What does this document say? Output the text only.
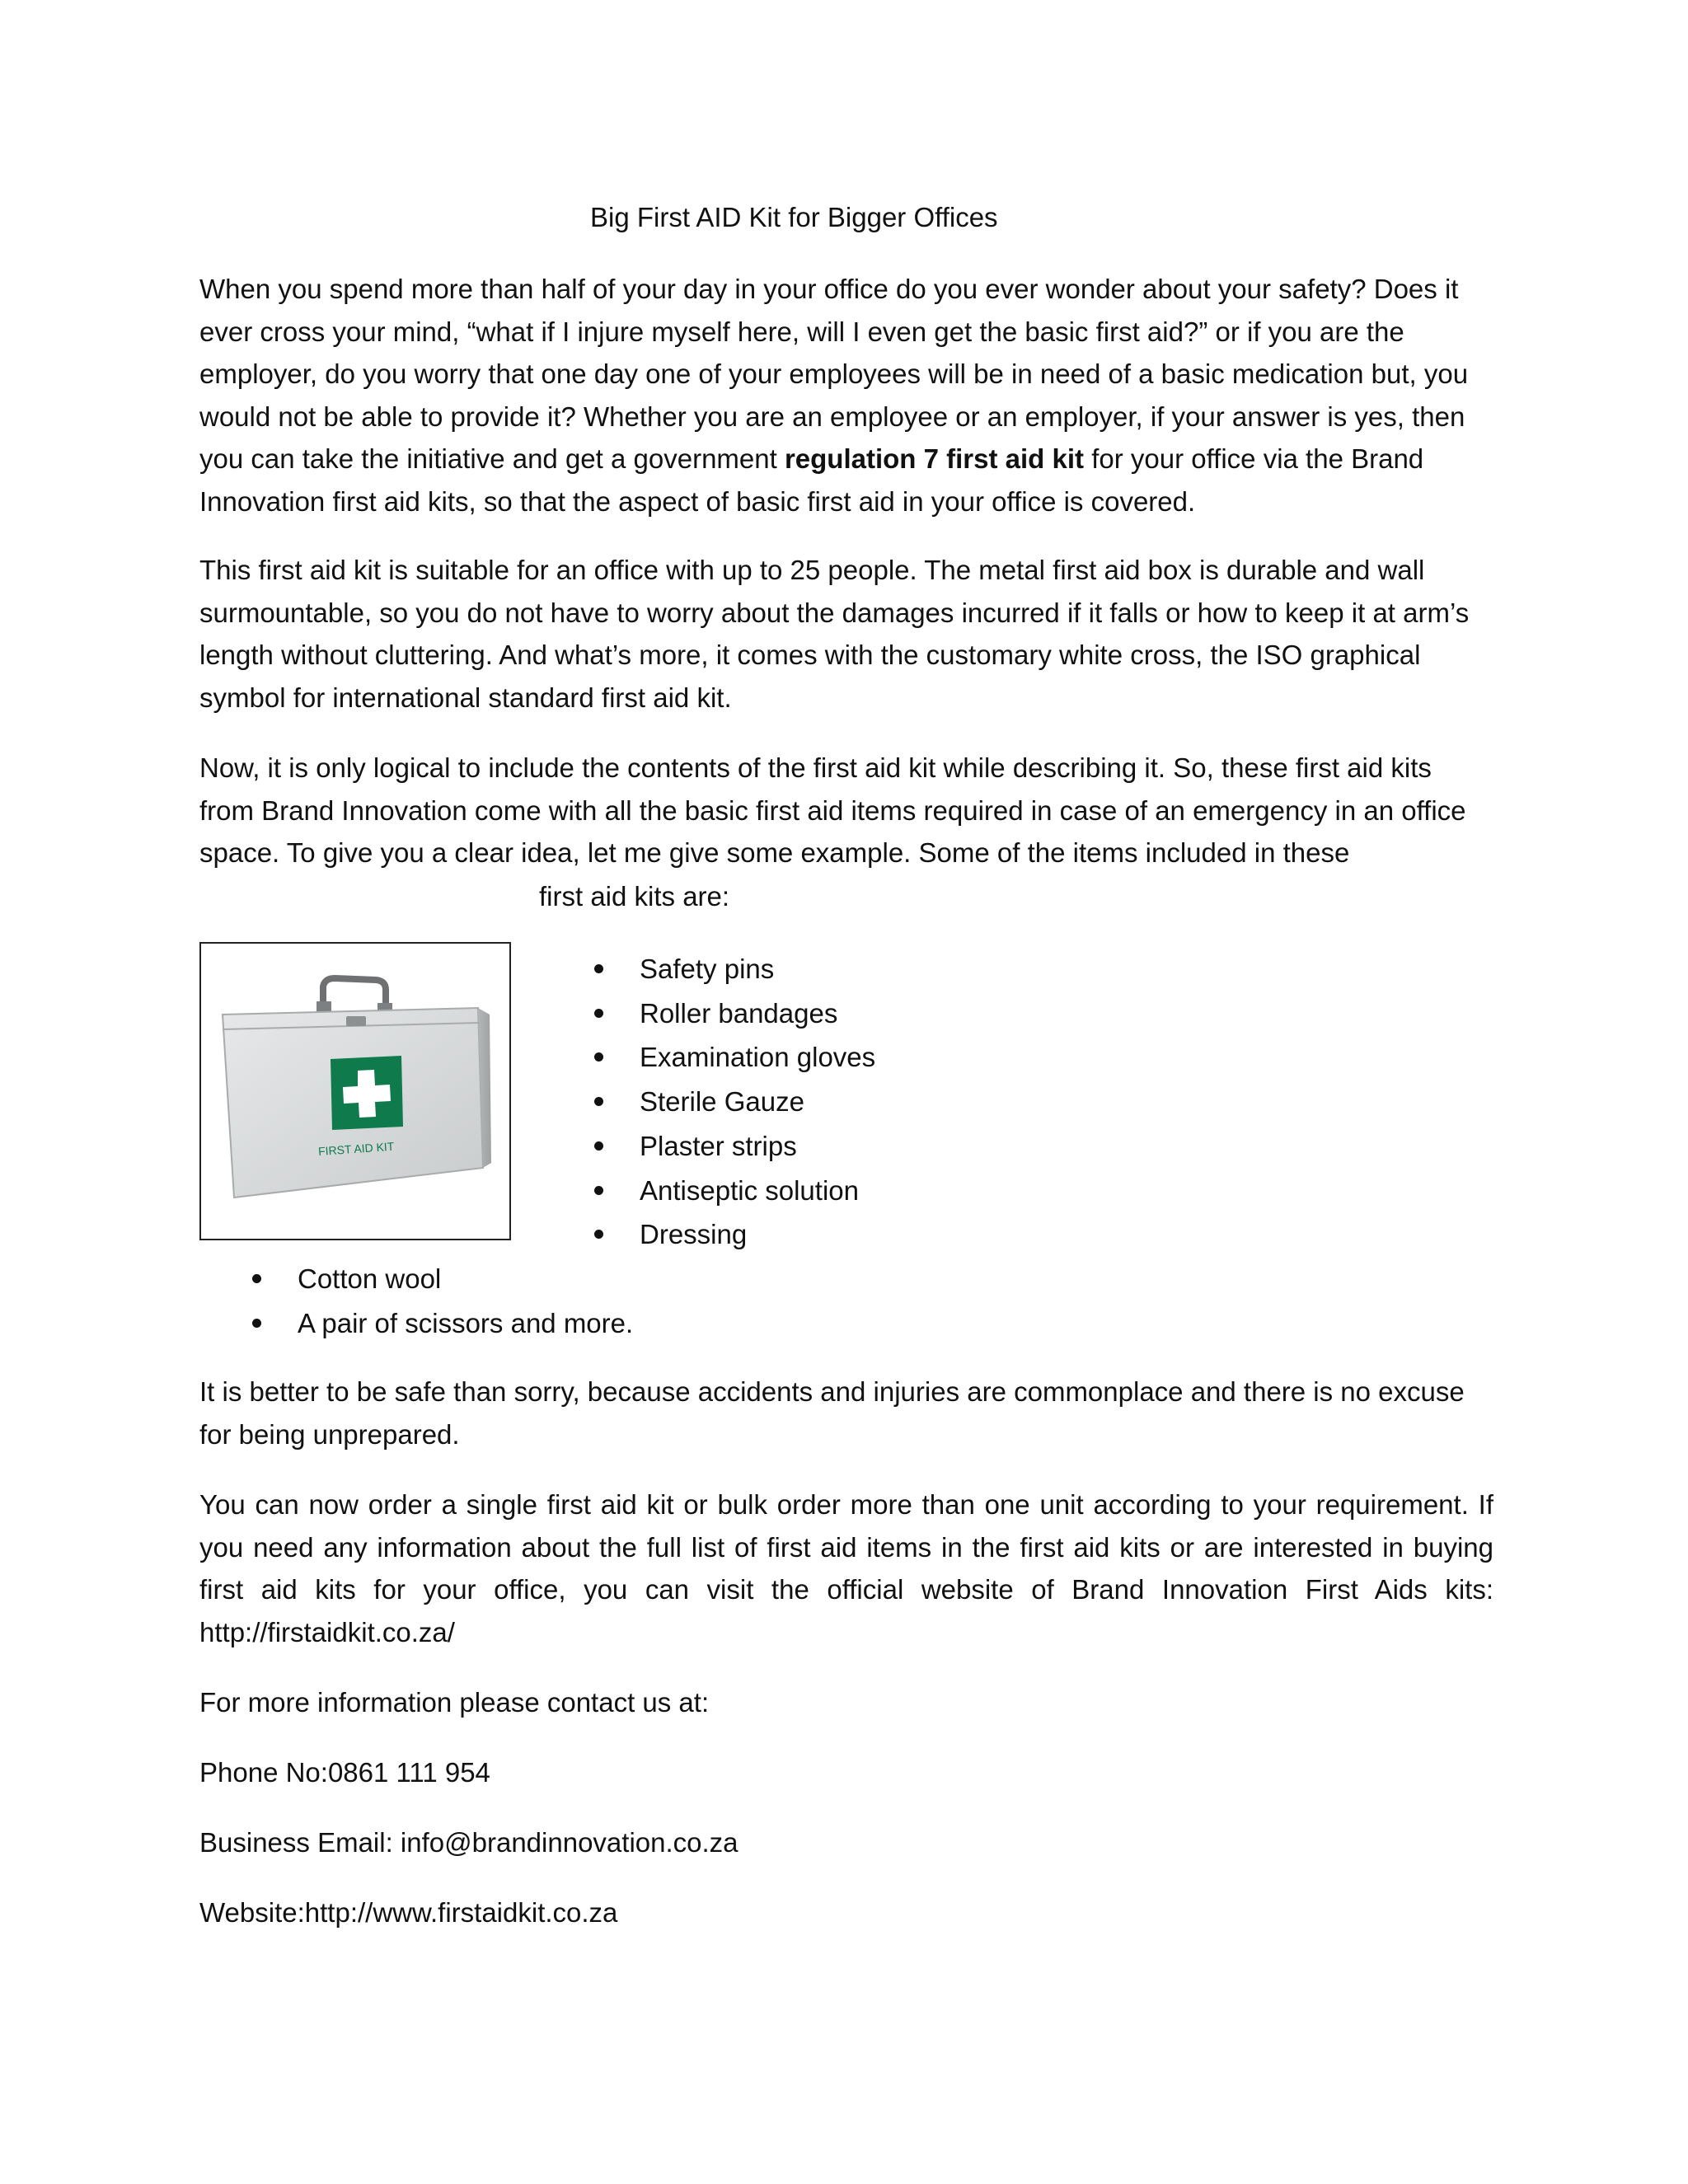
Big First AID Kit for Bigger Offices

When you spend more than half of your day in your office do you ever wonder about your safety? Does it ever cross your mind, “what if I injure myself here, will I even get the basic first aid?” or if you are the employer, do you worry that one day one of your employees will be in need of a basic medication but, you would not be able to provide it? Whether you are an employee or an employer, if your answer is yes, then you can take the initiative and get a government regulation 7 first aid kit for your office via the Brand Innovation first aid kits, so that the aspect of basic first aid in your office is covered.

This first aid kit is suitable for an office with up to 25 people. The metal first aid box is durable and wall surmountable, so you do not have to worry about the damages incurred if it falls or how to keep it at arm’s length without cluttering. And what’s more, it comes with the customary white cross, the ISO graphical symbol for international standard first aid kit.

Now, it is only logical to include the contents of the first aid kit while describing it. So, these first aid kits from Brand Innovation come with all the basic first aid items required in case of an emergency in an office space. To give you a clear idea, let me give some example. Some of the items included in these

first aid kits are:

FIRST AID KIT
Safety pins
Roller bandages
Examination gloves
Sterile Gauze
Plaster strips
Antiseptic solution
Dressing
Cotton wool
A pair of scissors and more.

It is better to be safe than sorry, because accidents and injuries are commonplace and there is no excuse for being unprepared.

You can now order a single first aid kit or bulk order more than one unit according to your requirement. If you need any information about the full list of first aid items in the first aid kits or are interested in buying first aid kits for your office, you can visit the official website of Brand Innovation First Aids kits: http://firstaidkit.co.za/

For more information please contact us at:

Phone No:0861 111 954

Business Email: info@brandinnovation.co.za

Website:http://www.firstaidkit.co.za
